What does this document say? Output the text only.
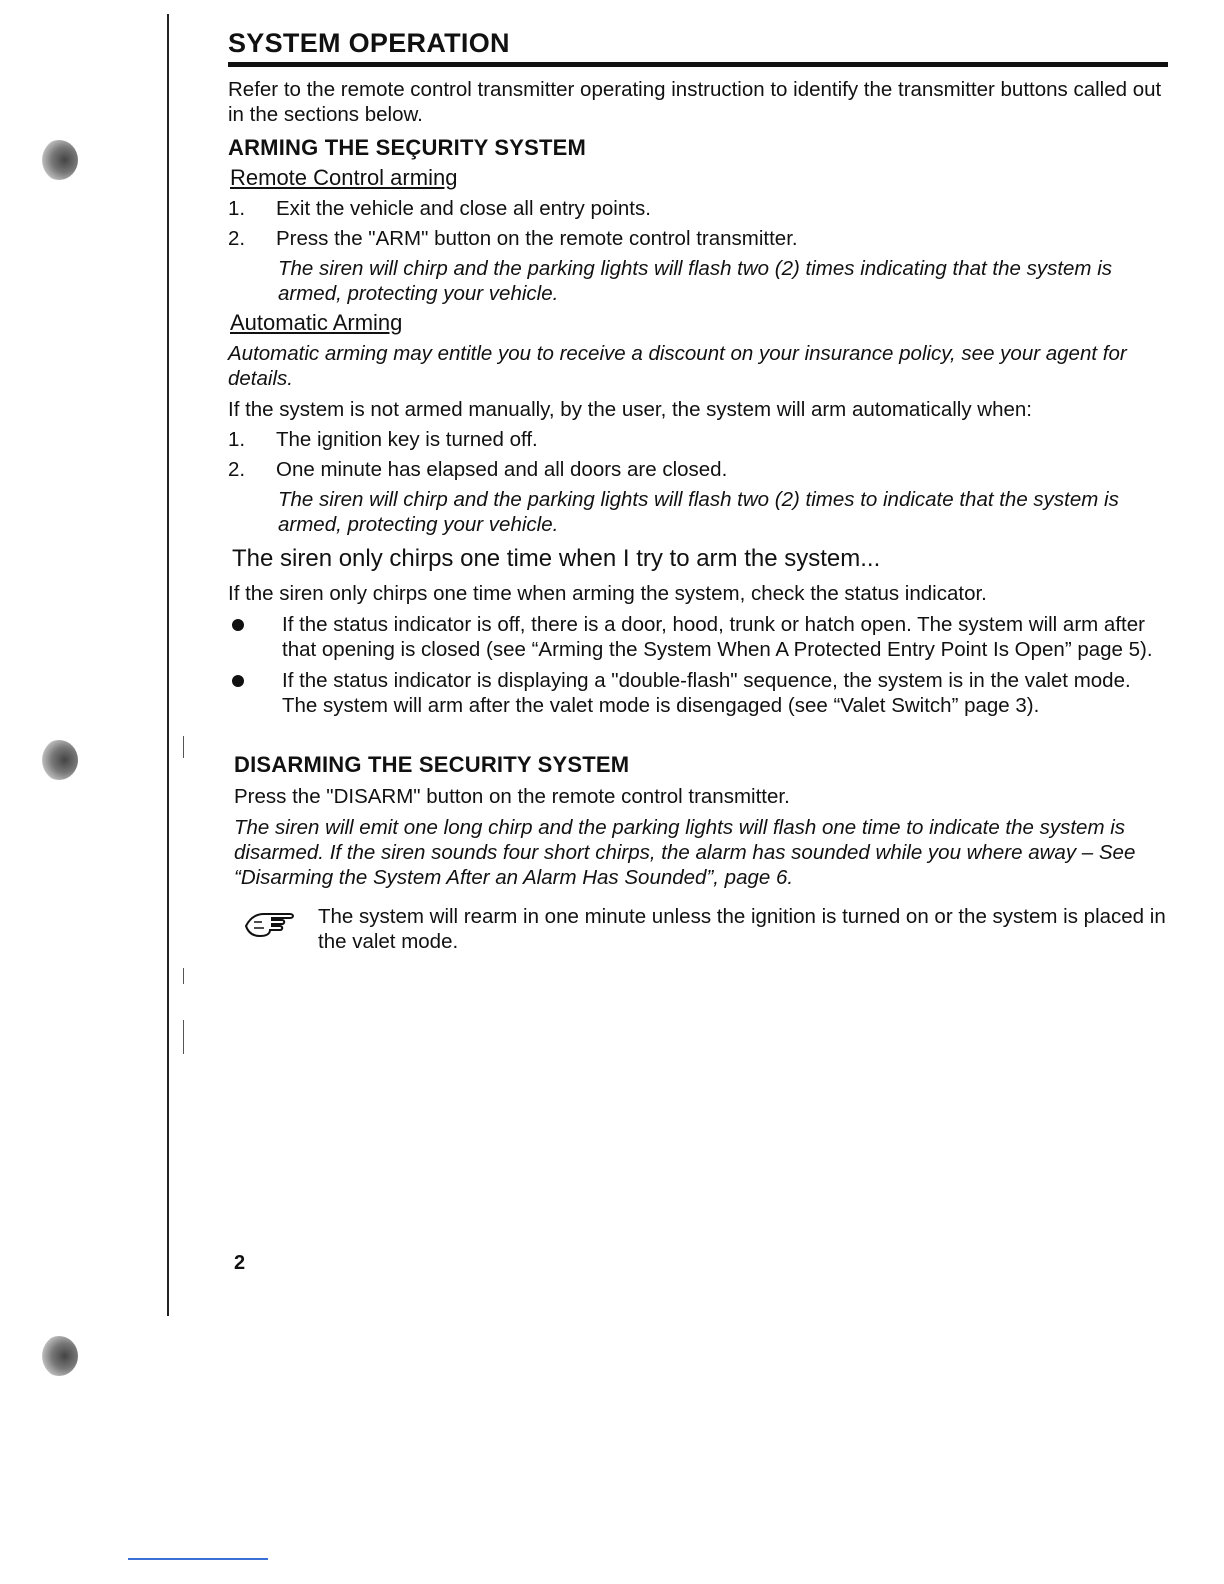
SYSTEM OPERATION

Refer to the remote control transmitter operating instruction to identify the transmitter buttons called out in the sections below.

ARMING THE SEÇURITY SYSTEM
Remote Control arming
1.	Exit the vehicle and close all entry points.
2.	Press the "ARM" button on the remote control transmitter.

The siren will chirp and the parking lights will flash two (2) times indicating that the system is armed, protecting your vehicle.

Automatic Arming

Automatic arming may entitle you to receive a discount on your insurance policy, see your agent for details.

If the system is not armed manually, by the user, the system will arm automatically when:

1.	The ignition key is turned off.
2.	One minute has elapsed and all doors are closed.

The siren will chirp and the parking lights will flash two (2) times to indicate that the system is armed, protecting your vehicle.

The siren only chirps one time when I try to arm the system...

If the siren only chirps one time when arming the system, check the status indicator.

If the status indicator is off, there is a door, hood, trunk or hatch open. The system will arm after that opening is closed (see “Arming the System When A Protected Entry Point Is Open” page 5).
If the status indicator is displaying a "double-flash" sequence, the system is in the valet mode. The system will arm after the valet mode is disengaged (see “Valet Switch” page 3).
DISARMING THE SECURITY SYSTEM

Press the "DISARM" button on the remote control transmitter.

The siren will emit one long chirp and the parking lights will flash one time to indicate the system is disarmed. If the siren sounds four short chirps, the alarm has sounded while you where away – See “Disarming the System After an Alarm Has Sounded”, page 6.

The system will rearm in one minute unless the ignition is turned on or the system is placed in the valet mode.
2
